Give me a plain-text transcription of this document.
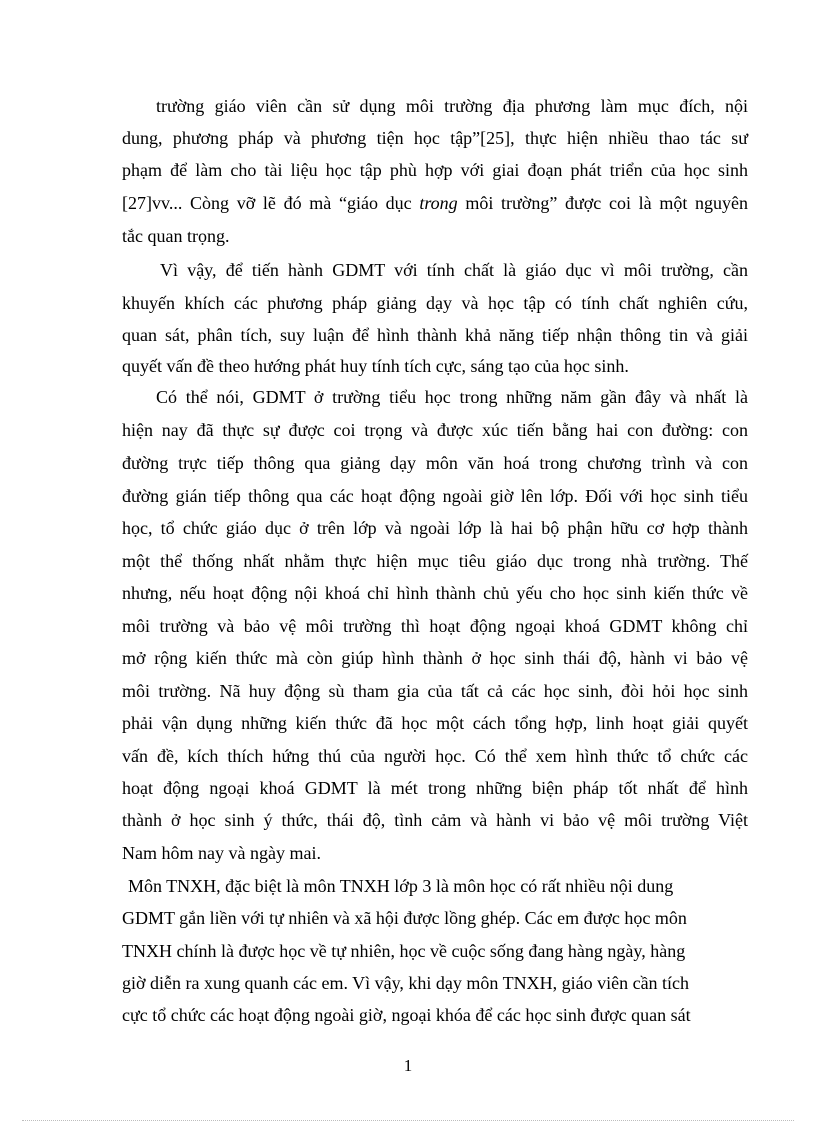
trường giáo viên cần sử dụng môi trường địa phương làm mục đích, nội
dung, phương pháp và phương tiện học tập”[25], thực hiện nhiều thao tác sư
phạm để làm cho tài liệu học tập phù hợp với giai đoạn phát triển của học sinh
[27]vv... Còng vỡ lẽ đó mà “giáo dục trong môi trường” được coi là một nguyên
tắc quan trọng.
Vì vậy, để tiến hành GDMT với tính chất là giáo dục vì môi trường, cần
khuyến khích các phương pháp giảng dạy và học tập có tính chất nghiên cứu,
quan sát, phân tích, suy luận để hình thành khả năng tiếp nhận thông tin và giải
quyết vấn đề theo hướng phát huy tính tích cực, sáng tạo của học sinh.
Có thể nói, GDMT ở trường tiểu học trong những năm gần đây và nhất là
hiện nay đã thực sự được coi trọng và được xúc tiến bằng hai con đường: con
đường trực tiếp thông qua giảng dạy môn văn hoá trong chương trình và con
đường gián tiếp thông qua các hoạt động ngoài giờ lên lớp. Đối với học sinh tiểu
học, tổ chức giáo dục ở trên lớp và ngoài lớp là hai bộ phận hữu cơ hợp thành
một thể thống nhất nhằm thực hiện mục tiêu giáo dục trong nhà trường. Thế
nhưng, nếu hoạt động nội khoá chỉ hình thành chủ yếu cho học sinh kiến thức về
môi trường và bảo vệ môi trường thì hoạt động ngoại khoá GDMT không chỉ
mở rộng kiến thức mà còn giúp hình thành ở học sinh thái độ, hành vi bảo vệ
môi trường. Nã huy động sù tham gia của tất cả các học sinh, đòi hỏi học sinh
phải vận dụng những kiến thức đã học một cách tổng hợp, linh hoạt giải quyết
vấn đề, kích thích hứng thú của người học. Có thể xem hình thức tổ chức các
hoạt động ngoại khoá GDMT là mét trong những biện pháp tốt nhất để hình
thành ở học sinh ý thức, thái độ, tình cảm và hành vi bảo vệ môi trường Việt
Nam hôm nay và ngày mai.
Môn TNXH, đặc biệt là môn TNXH lớp 3 là môn học có rất nhiều nội dung
GDMT gắn liền với tự nhiên và xã hội được lồng ghép. Các em được học môn
TNXH chính là được học về tự nhiên, học về cuộc sống đang hàng ngày, hàng
giờ diễn ra xung quanh các em. Vì vậy, khi dạy môn TNXH, giáo viên cần tích
cực tổ chức các hoạt động ngoài giờ, ngoại khóa để các học sinh được quan sát
1
